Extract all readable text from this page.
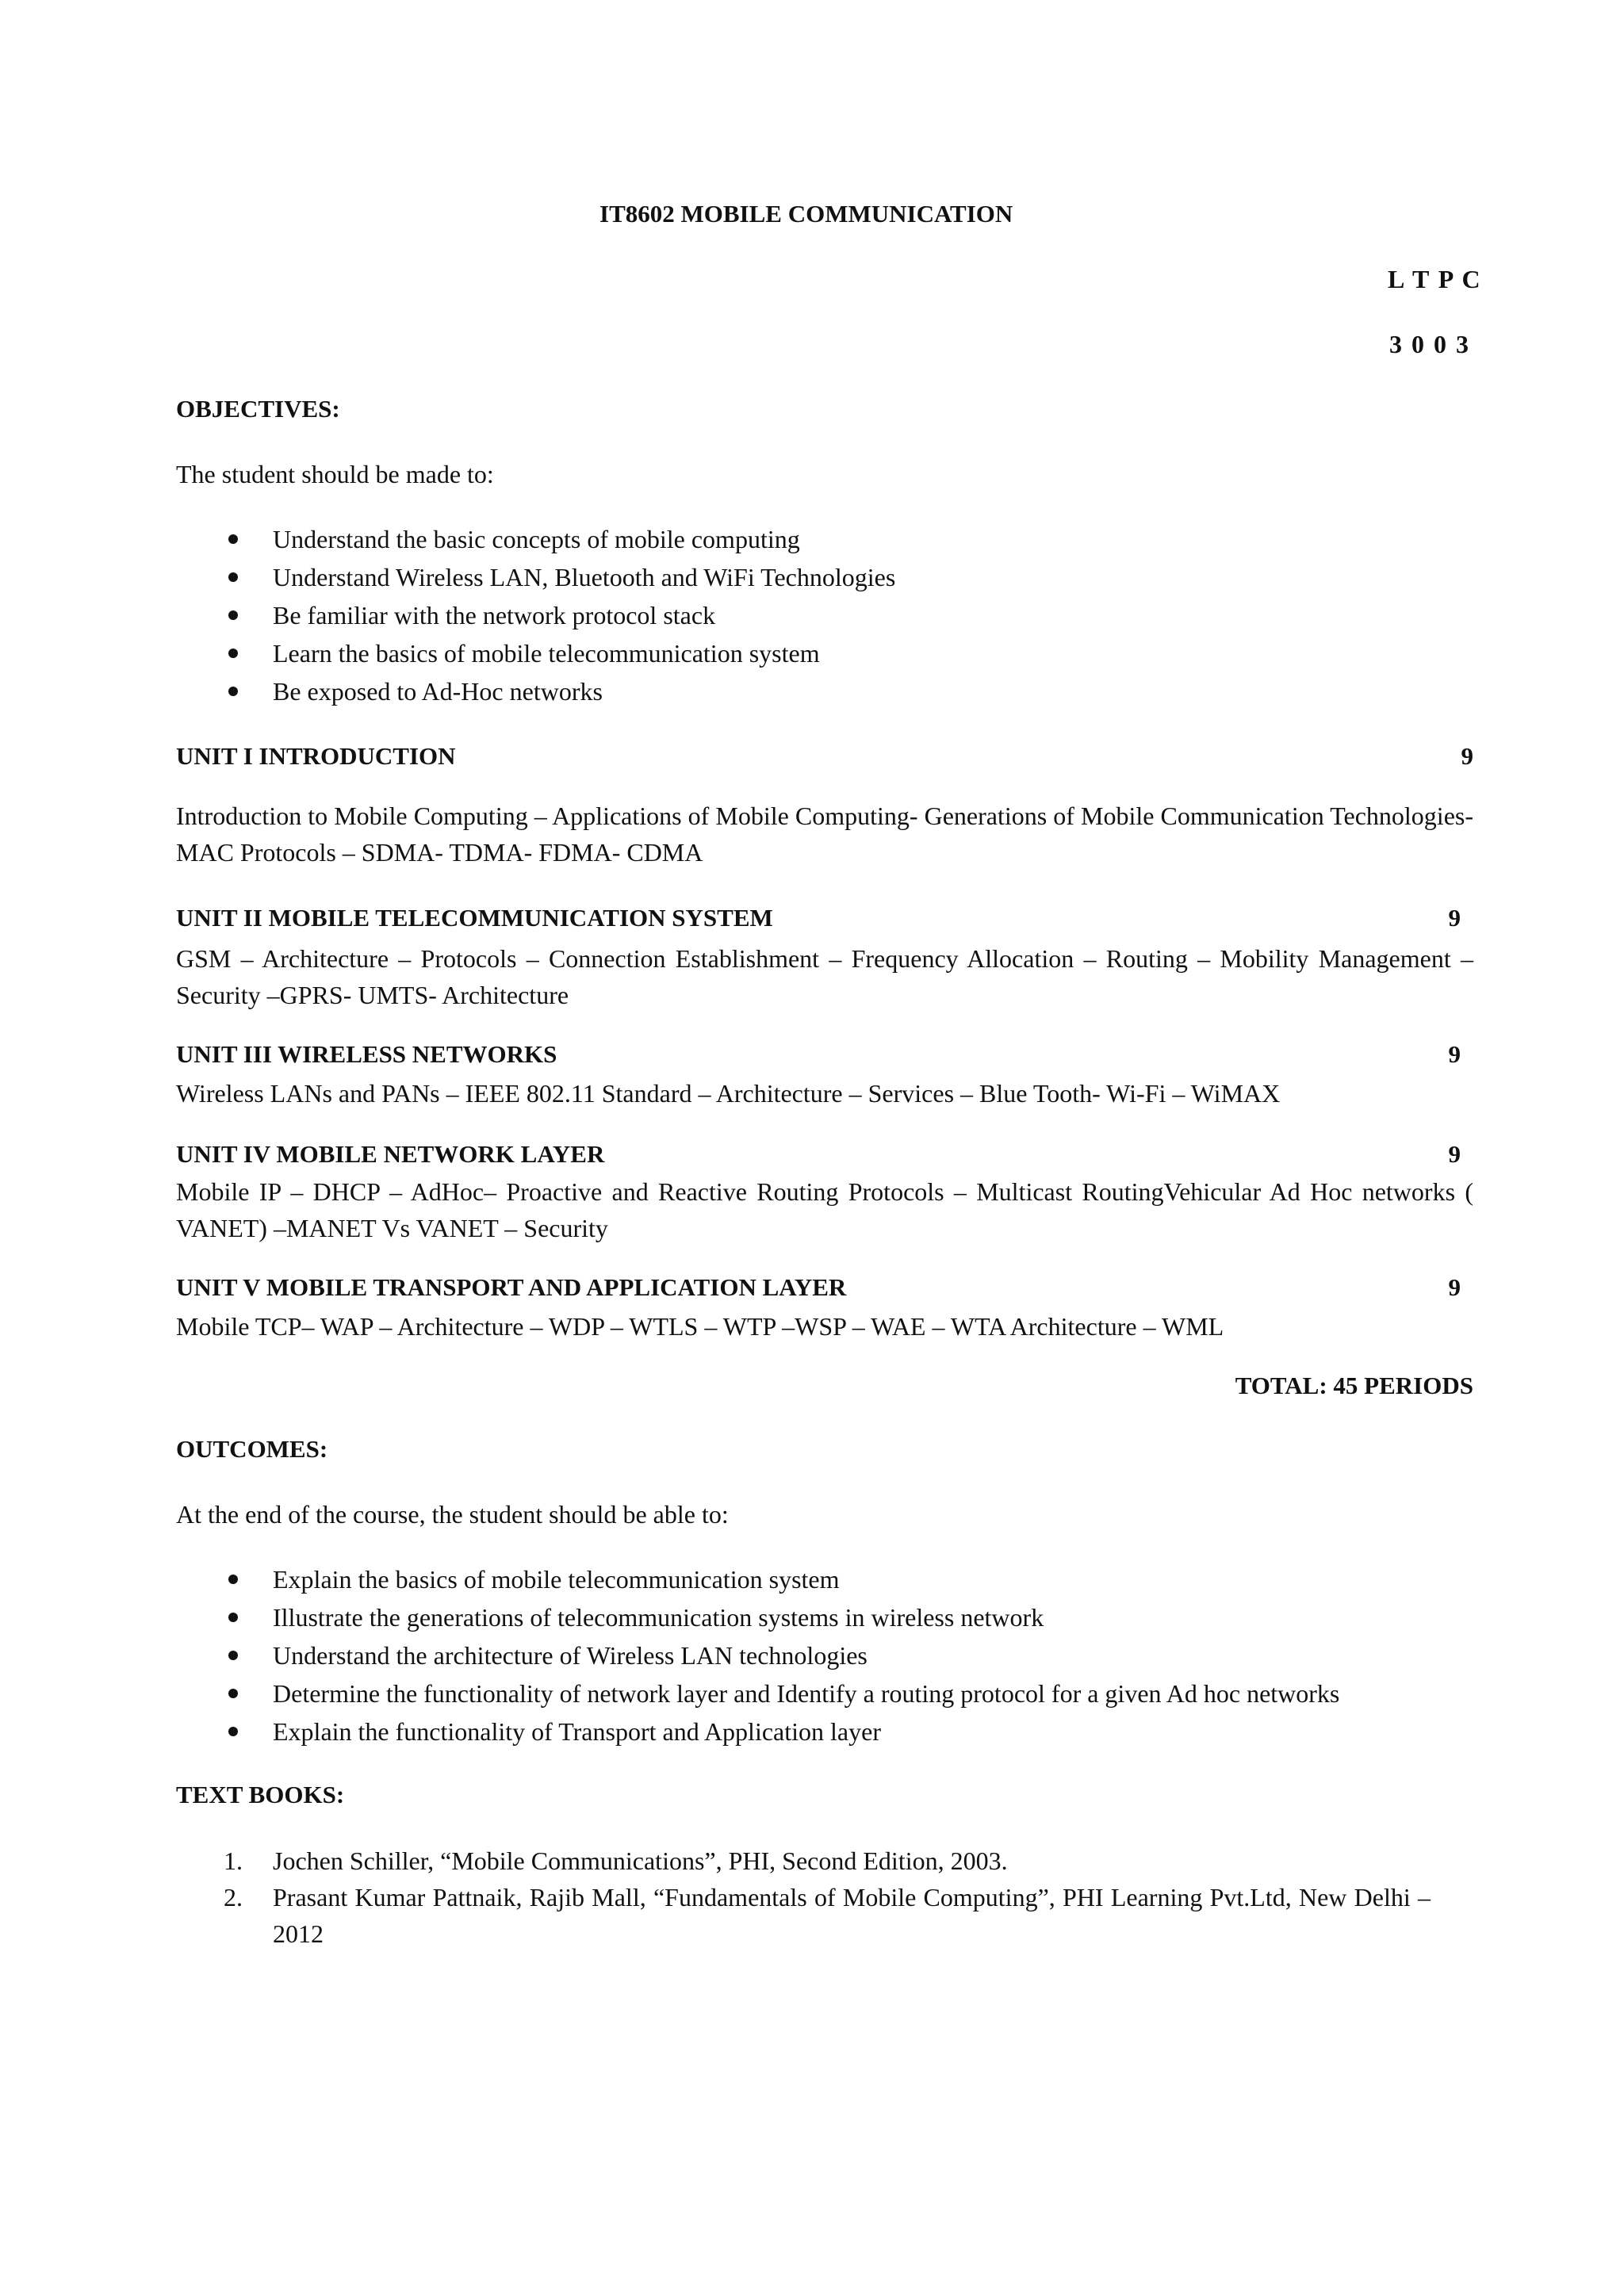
IT8602 MOBILE COMMUNICATION
L T P C
3 0 0 3
OBJECTIVES:
The student should be made to:
Understand the basic concepts of mobile computing
Understand Wireless LAN, Bluetooth and WiFi Technologies
Be familiar with the network protocol stack
Learn the basics of mobile telecommunication system
Be exposed to Ad-Hoc networks
UNIT I INTRODUCTION	9
Introduction to Mobile Computing – Applications of Mobile Computing- Generations of Mobile Communication Technologies-MAC Protocols – SDMA- TDMA- FDMA- CDMA
UNIT II MOBILE TELECOMMUNICATION SYSTEM	9
GSM – Architecture – Protocols – Connection Establishment – Frequency Allocation – Routing – Mobility Management – Security –GPRS- UMTS- Architecture
UNIT III WIRELESS NETWORKS	9
Wireless LANs and PANs – IEEE 802.11 Standard – Architecture – Services – Blue Tooth- Wi-Fi – WiMAX
UNIT IV MOBILE NETWORK LAYER	9
Mobile IP – DHCP – AdHoc– Proactive and Reactive Routing Protocols – Multicast RoutingVehicular Ad Hoc networks ( VANET) –MANET Vs VANET – Security
UNIT V MOBILE TRANSPORT AND APPLICATION LAYER	9
Mobile TCP– WAP – Architecture – WDP – WTLS – WTP –WSP – WAE – WTA Architecture – WML
TOTAL: 45 PERIODS
OUTCOMES:
At the end of the course, the student should be able to:
Explain the basics of mobile telecommunication system
Illustrate the generations of telecommunication systems in wireless network
Understand the architecture of Wireless LAN technologies
Determine the functionality of network layer and Identify a routing protocol for a given Ad hoc networks
Explain the functionality of Transport and Application layer
TEXT BOOKS:
1. Jochen Schiller, “Mobile Communications”, PHI, Second Edition, 2003.
2. Prasant Kumar Pattnaik, Rajib Mall, “Fundamentals of Mobile Computing”, PHI Learning Pvt.Ltd, New Delhi – 2012
